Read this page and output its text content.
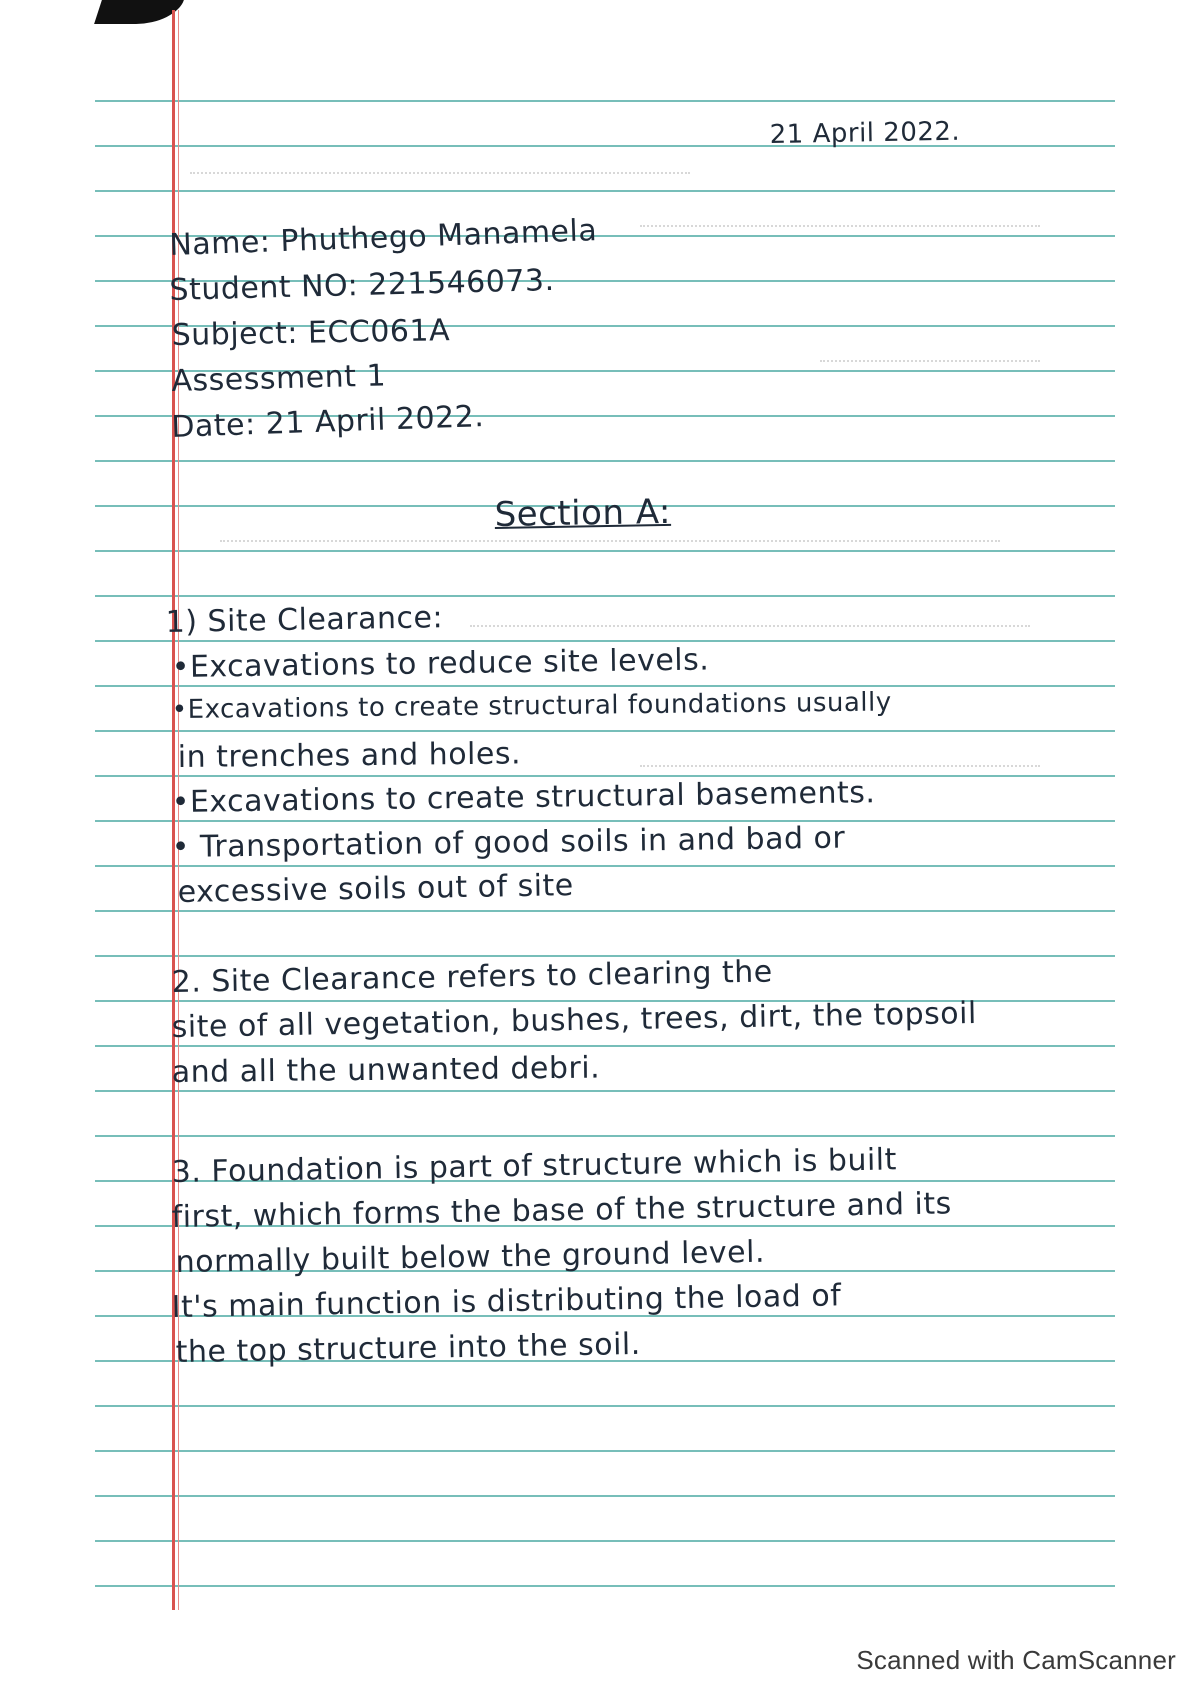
21 April 2022.
Name: Phuthego Manamela
Student NO: 221546073.
Subject: ECC061A
Assessment 1
Date: 21 April 2022.
Section A:
1) Site Clearance:
•Excavations to reduce site levels.
•Excavations to create structural foundations usually
in trenches and holes.
•Excavations to create structural basements.
• Transportation of good soils in and bad or
excessive soils out of site
2. Site Clearance refers to clearing the
site of all vegetation, bushes, trees, dirt, the topsoil
and all the unwanted debri.
3. Foundation is part of structure which is built
first, which forms the base of the structure and its
normally built below the ground level.
It's main function is distributing the load of
the top structure into the soil.
Scanned with CamScanner
